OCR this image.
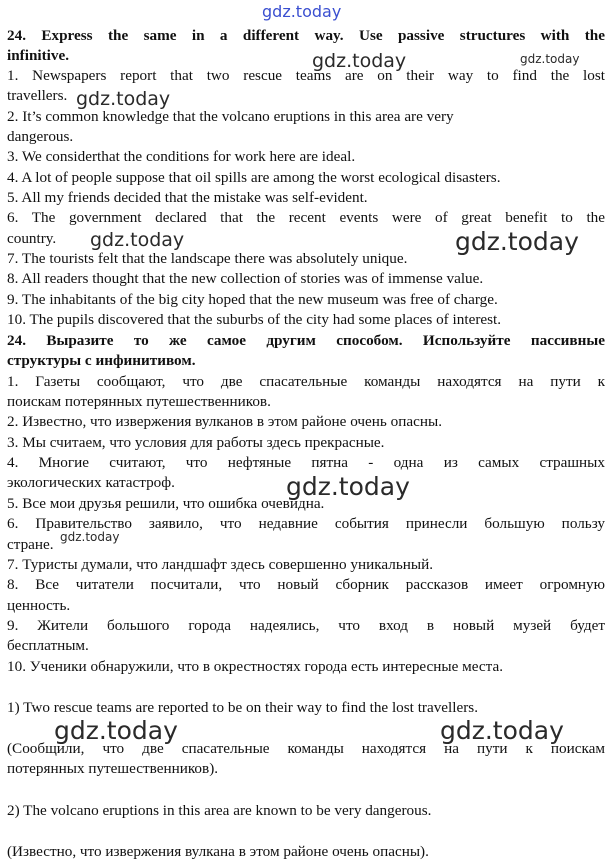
24. Express the same in a different way. Use passive structures with the
infinitive.
1. Newspapers report that two rescue teams are on their way to find the lost
travellers.
2. It’s common knowledge that the volcano eruptions in this area are very
dangerous.
3. We considerthat the conditions for work here are ideal.
4. A lot of people suppose that oil spills are among the worst ecological disasters.
5. All my friends decided that the mistake was self-evident.
6. The government declared that the recent events were of great benefit to the
country.
7. The tourists felt that the landscape there was absolutely unique.
8. All readers thought that the new collection of stories was of immense value.
9. The inhabitants of the big city hoped that the new museum was free of charge.
10. The pupils discovered that the suburbs of the city had some places of interest.
24. Выразите то же самое другим способом. Используйте пассивные
структуры с инфинитивом.
1. Газеты сообщают, что две спасательные команды находятся на пути к
поискам потерянных путешественников.
2. Известно, что извержения вулканов в этом районе очень опасны.
3. Мы считаем, что условия для работы здесь прекрасные.
4. Многие считают, что нефтяные пятна - одна из самых страшных
экологических катастроф.
5. Все мои друзья решили, что ошибка очевидна.
6. Правительство заявило, что недавние события принесли большую пользу
стране.
7. Туристы думали, что ландшафт здесь совершенно уникальный.
8. Все читатели посчитали, что новый сборник рассказов имеет огромную
ценность.
9. Жители большого города надеялись, что вход в новый музей будет
бесплатным.
10. Ученики обнаружили, что в окрестностях города есть интересные места.
1) Two rescue teams are reported to be on their way to find the lost travellers.
(Сообщили, что две спасательные команды находятся на пути к поискам
потерянных путешественников).
2) The volcano eruptions in this area are known to be very dangerous.
(Известно, что извержения вулкана в этом районе очень опасны).
gdz.today
gdz.today	gdz.today
gdz.today
gdz.today	gdz.today
gdz.today
gdz.today
gdz.today	gdz.today
